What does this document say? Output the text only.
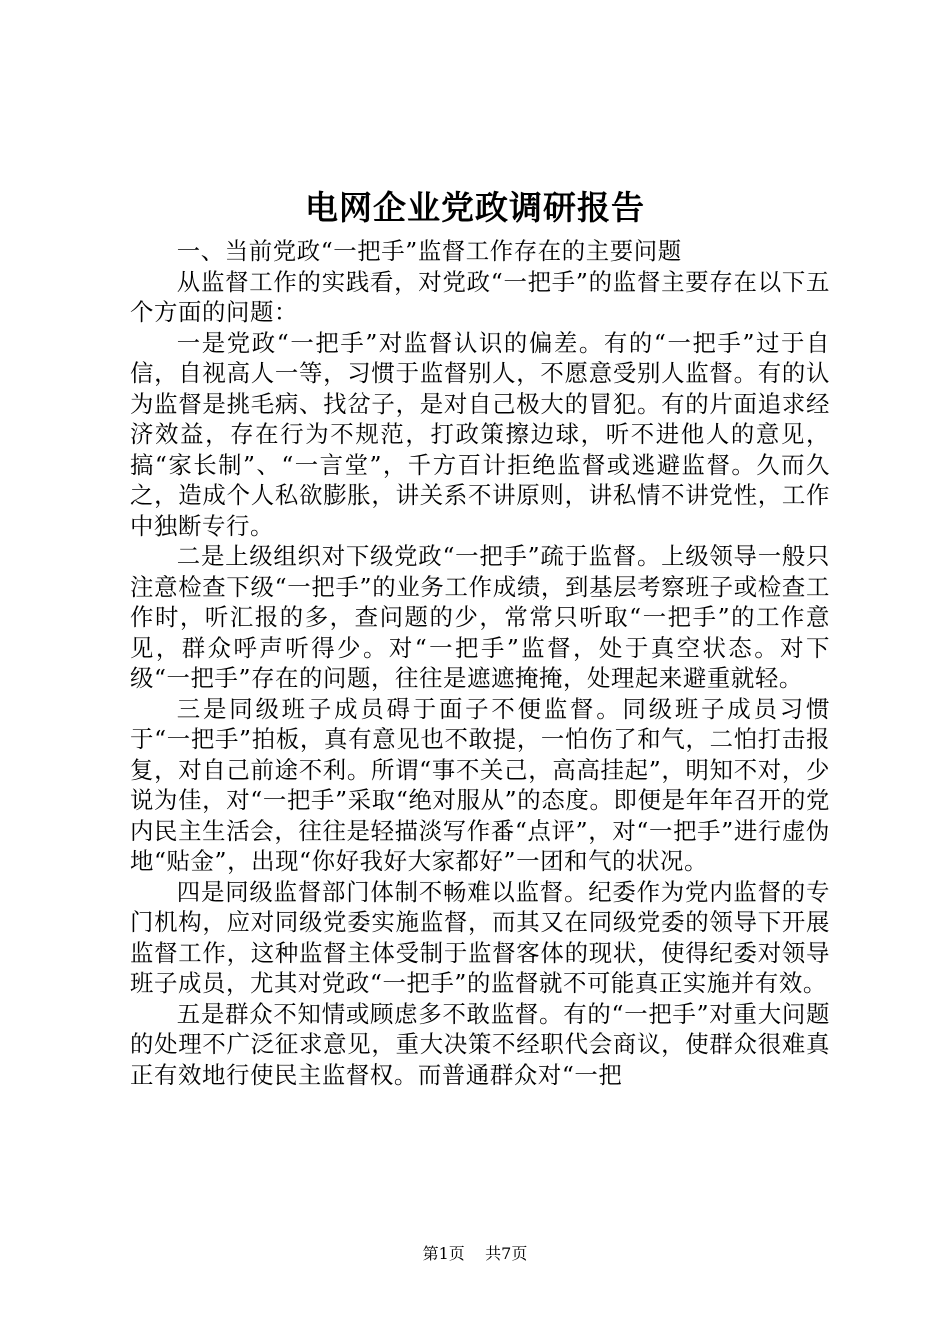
电网企业党政调研报告

一、当前党政“一把手”监督工作存在的主要问题

从监督工作的实践看，对党政“一把手”的监督主要存在以下五个方面的问题：

一是党政“一把手”对监督认识的偏差。有的“一把手”过于自信，自视高人一等，习惯于监督别人，不愿意受别人监督。有的认为监督是挑毛病、找岔子，是对自己极大的冒犯。有的片面追求经济效益，存在行为不规范，打政策擦边球，听不进他人的意见，搞“家长制”、“一言堂”，千方百计拒绝监督或逃避监督。久而久之，造成个人私欲膨胀，讲关系不讲原则，讲私情不讲党性，工作中独断专行。

二是上级组织对下级党政“一把手”疏于监督。上级领导一般只注意检查下级“一把手”的业务工作成绩，到基层考察班子或检查工作时，听汇报的多，查问题的少，常常只听取“一把手”的工作意见，群众呼声听得少。对“一把手”监督，处于真空状态。对下级“一把手”存在的问题，往往是遮遮掩掩，处理起来避重就轻。

三是同级班子成员碍于面子不便监督。同级班子成员习惯于“一把手”拍板，真有意见也不敢提，一怕伤了和气，二怕打击报复，对自己前途不利。所谓“事不关己，高高挂起”，明知不对，少说为佳，对“一把手”采取“绝对服从”的态度。即便是年年召开的党内民主生活会，往往是轻描淡写作番“点评”，对“一把手”进行虚伪地“贴金”，出现“你好我好大家都好”一团和气的状况。

四是同级监督部门体制不畅难以监督。纪委作为党内监督的专门机构，应对同级党委实施监督，而其又在同级党委的领导下开展监督工作，这种监督主体受制于监督客体的现状，使得纪委对领导班子成员，尤其对党政“一把手”的监督就不可能真正实施并有效。

五是群众不知情或顾虑多不敢监督。有的“一把手”对重大问题的处理不广泛征求意见，重大决策不经职代会商议，使群众很难真正有效地行使民主监督权。而普通群众对“一把

第1页 共7页
